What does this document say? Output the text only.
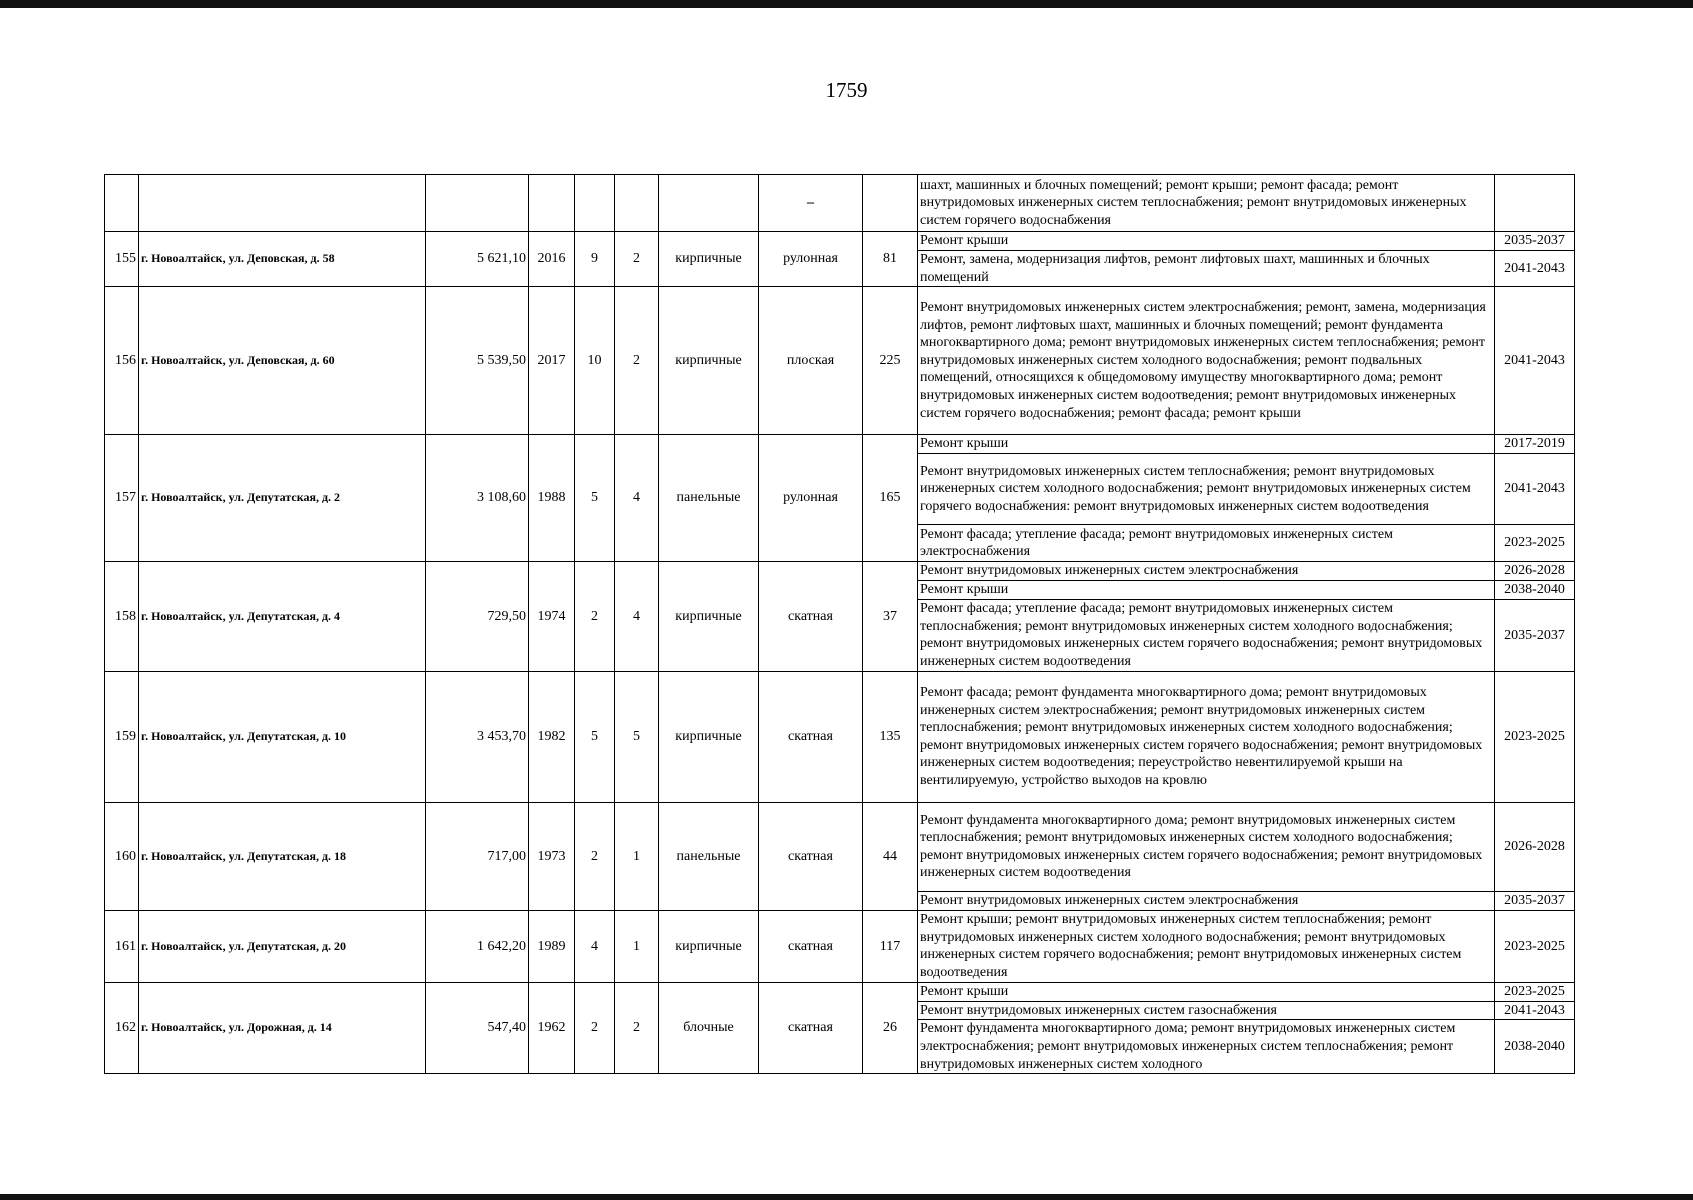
1759
							–		шахт, машинных и блочных помещений; ремонт крыши; ремонт фасада; ремонт внутридомовых инженерных систем теплоснабжения; ремонт внутридомовых инженерных систем горячего водоснабжения	
155	г. Новоалтайск, ул. Деповская, д. 58	5 621,10	2016	9	2	кирпичные	рулонная	81	Ремонт крыши	2035-2037
									Ремонт, замена, модернизация лифтов, ремонт лифтовых шахт, машинных и блочных помещений	2041-2043
156	г. Новоалтайск, ул. Деповская, д. 60	5 539,50	2017	10	2	кирпичные	плоская	225	Ремонт внутридомовых инженерных систем электроснабжения; ремонт, замена, модернизация лифтов, ремонт лифтовых шахт, машинных и блочных помещений; ремонт фундамента многоквартирного дома; ремонт внутридомовых инженерных систем теплоснабжения; ремонт внутридомовых инженерных систем холодного водоснабжения; ремонт подвальных помещений, относящихся к общедомовому имуществу многоквартирного дома; ремонт внутридомовых инженерных систем водоотведения; ремонт внутридомовых инженерных систем горячего водоснабжения; ремонт фасада; ремонт крыши	2041-2043
157	г. Новоалтайск, ул. Депутатская, д. 2	3 108,60	1988	5	4	панельные	рулонная	165	Ремонт крыши	2017-2019
									Ремонт внутридомовых инженерных систем теплоснабжения; ремонт внутридомовых инженерных систем холодного водоснабжения; ремонт внутридомовых инженерных систем горячего водоснабжения: ремонт внутридомовых инженерных систем водоотведения	2041-2043
									Ремонт фасада; утепление фасада; ремонт внутридомовых инженерных систем электроснабжения	2023-2025
158	г. Новоалтайск, ул. Депутатская, д. 4	729,50	1974	2	4	кирпичные	скатная	37	Ремонт внутридомовых инженерных систем электроснабжения	2026-2028
									Ремонт крыши	2038-2040
									Ремонт фасада; утепление фасада; ремонт внутридомовых инженерных систем теплоснабжения; ремонт внутридомовых инженерных систем холодного водоснабжения; ремонт внутридомовых инженерных систем горячего водоснабжения; ремонт внутридомовых инженерных систем водоотведения	2035-2037
159	г. Новоалтайск, ул. Депутатская, д. 10	3 453,70	1982	5	5	кирпичные	скатная	135	Ремонт фасада; ремонт фундамента многоквартирного дома; ремонт внутридомовых инженерных систем электроснабжения; ремонт внутридомовых инженерных систем теплоснабжения; ремонт внутридомовых инженерных систем холодного водоснабжения; ремонт внутридомовых инженерных систем горячего водоснабжения; ремонт внутридомовых инженерных систем водоотведения; переустройство невентилируемой крыши на вентилируемую, устройство выходов на кровлю	2023-2025
160	г. Новоалтайск, ул. Депутатская, д. 18	717,00	1973	2	1	панельные	скатная	44	Ремонт фундамента многоквартирного дома; ремонт внутридомовых инженерных систем теплоснабжения; ремонт внутридомовых инженерных систем холодного водоснабжения; ремонт внутридомовых инженерных систем горячего водоснабжения; ремонт внутридомовых инженерных систем водоотведения	2026-2028
									Ремонт внутридомовых инженерных систем электроснабжения	2035-2037
161	г. Новоалтайск, ул. Депутатская, д. 20	1 642,20	1989	4	1	кирпичные	скатная	117	Ремонт крыши; ремонт внутридомовых инженерных систем теплоснабжения; ремонт внутридомовых инженерных систем холодного водоснабжения; ремонт внутридомовых инженерных систем горячего водоснабжения; ремонт внутридомовых инженерных систем водоотведения	2023-2025
162	г. Новоалтайск, ул. Дорожная, д. 14	547,40	1962	2	2	блочные	скатная	26	Ремонт крыши	2023-2025
									Ремонт внутридомовых инженерных систем газоснабжения	2041-2043
									Ремонт фундамента многоквартирного дома; ремонт внутридомовых инженерных систем электроснабжения; ремонт внутридомовых инженерных систем теплоснабжения; ремонт внутридомовых инженерных систем холодного	2038-2040
